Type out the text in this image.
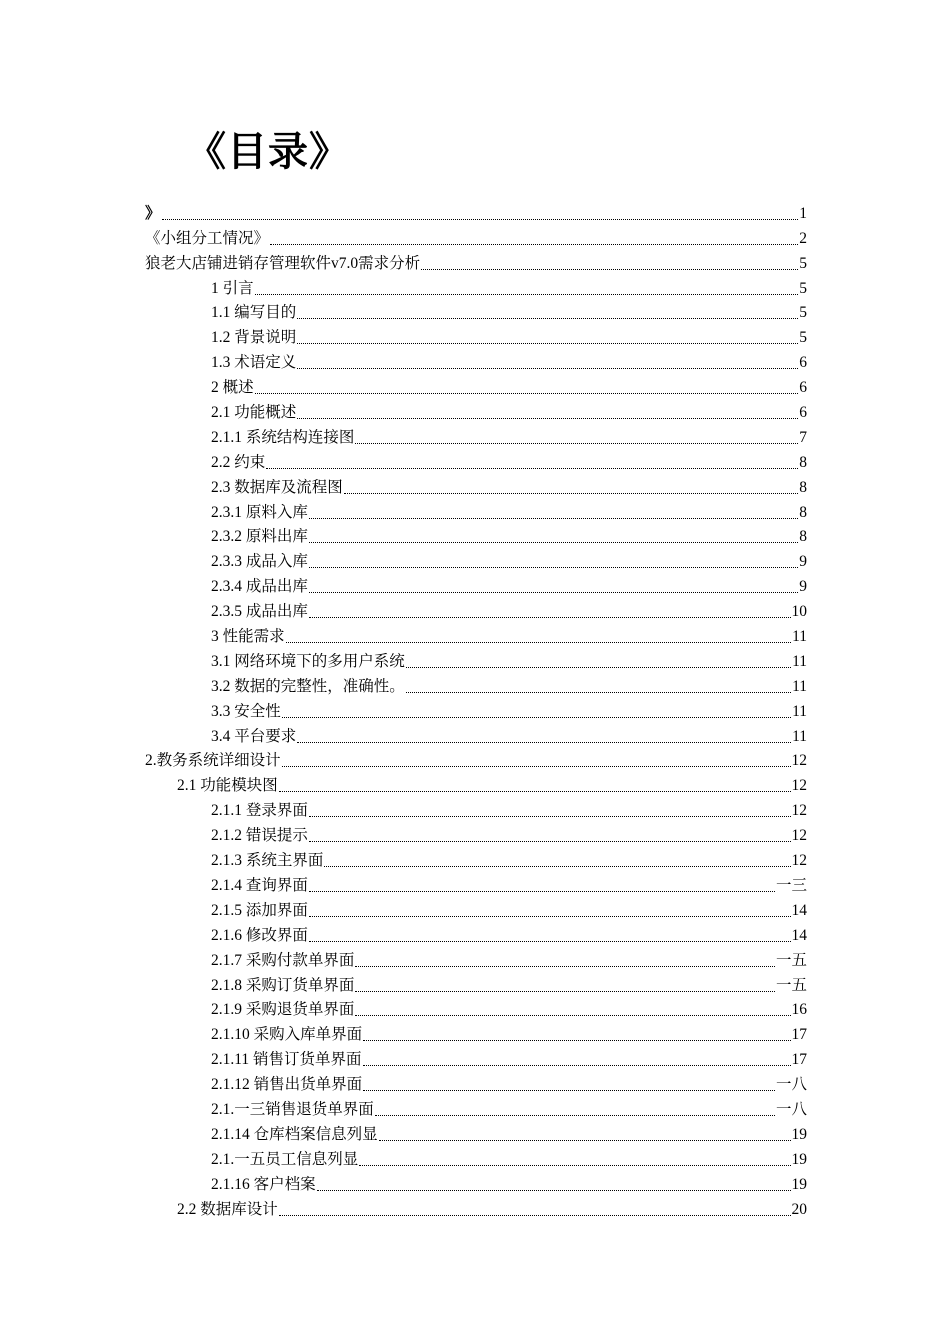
《目录》
》	1
《小组分工情况》	2
狼老大店铺进销存管理软件v7.0需求分析	5
1 引言	5
1.1 编写目的	5
1.2 背景说明	5
1.3 术语定义	6
2 概述	6
2.1 功能概述	6
2.1.1 系统结构连接图	7
2.2 约束	8
2.3 数据库及流程图	8
2.3.1 原料入库	8
2.3.2 原料出库	8
2.3.3 成品入库	9
2.3.4 成品出库	9
2.3.5 成品出库	10
3 性能需求	11
3.1 网络环境下的多用户系统	11
3.2 数据的完整性，准确性。	11
3.3 安全性	11
3.4 平台要求	11
2.教务系统详细设计	12
2.1 功能模块图	12
2.1.1 登录界面	12
2.1.2 错误提示	12
2.1.3 系统主界面	12
2.1.4 查询界面	一三
2.1.5 添加界面	14
2.1.6 修改界面	14
2.1.7 采购付款单界面	一五
2.1.8 采购订货单界面	一五
2.1.9 采购退货单界面	16
2.1.10 采购入库单界面	17
2.1.11 销售订货单界面	17
2.1.12 销售出货单界面	一八
2.1.一三销售退货单界面	一八
2.1.14 仓库档案信息列显	19
2.1.一五员工信息列显	19
2.1.16 客户档案	19
2.2 数据库设计	20
